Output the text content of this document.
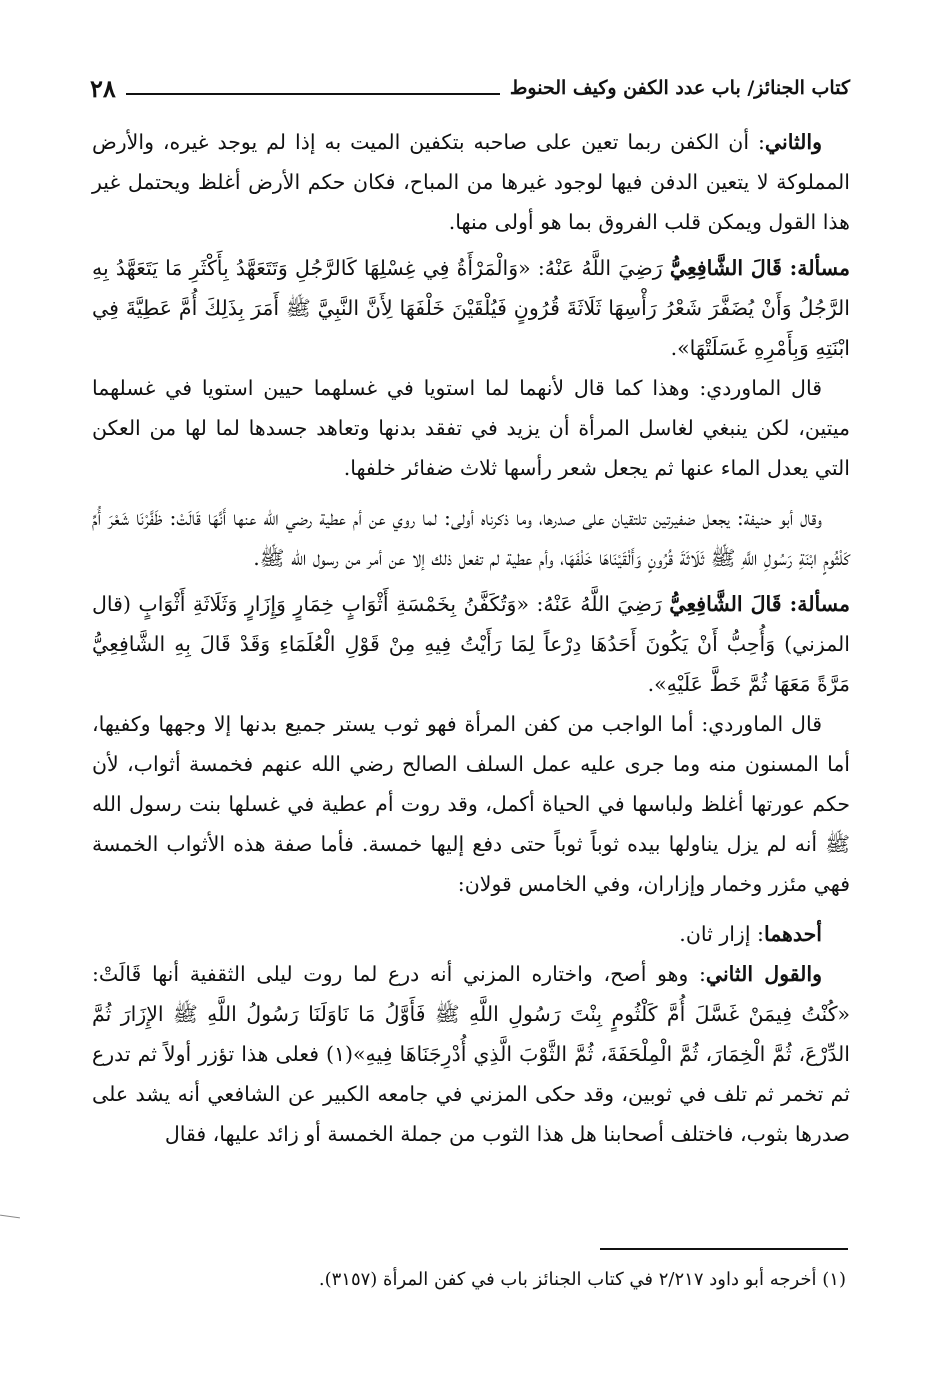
كتاب الجنائز/ باب عدد الكفن وكيف الحنوط
٢٨

والثاني: أن الكفن ربما تعين على صاحبه بتكفين الميت به إذا لم يوجد غيره، والأرض المملوكة لا يتعين الدفن فيها لوجود غيرها من المباح، فكان حكم الأرض أغلظ ويحتمل غير هذا القول ويمكن قلب الفروق بما هو أولى منها.

مسألة: قَالَ الشَّافِعِيُّ رَضِيَ اللَّهُ عَنْهُ: «وَالْمَرْأَةُ فِي غِسْلِهَا كَالرَّجُلِ وَتَتَعَهَّدُ بِأَكْثَرِ مَا يَتَعَهَّدُ بِهِ الرَّجُلُ وَأَنْ يُضَفَّرَ شَعْرُ رَأْسِهَا ثَلَاثَةَ قُرُونٍ فَيُلْقَيْنَ خَلْفَهَا لِأَنَّ النَّبِيَّ ﷺ أَمَرَ بِذَلِكَ أُمَّ عَطِيَّةَ فِي ابْنَتِهِ وَبِأَمْرِهِ غَسَلَتْهَا».

قال الماوردي: وهذا كما قال لأنهما لما استويا في غسلهما حيين استويا في غسلهما ميتين، لكن ينبغي لغاسل المرأة أن يزيد في تفقد بدنها وتعاهد جسدها لما لها من العكن التي يعدل الماء عنها ثم يجعل شعر رأسها ثلاث ضفائر خلفها.

وقال أبو حنيفة: يجعل ضفيرتين تلتقيان على صدرها، وما ذكرناه أولى: لما روي عن أم عطية رضي الله عنها أَنَّهَا قَالَتْ: ظَفَّرْنَا شَعْرَ أُمِّ كَلْثُومٍ ابْنَةِ رَسُولِ اللَّهِ ﷺ ثَلَاثَةَ قُرُونٍ وَأَلْقَيْنَاهَا خَلْفَهَا، وأم عطية لم تفعل ذلك إلا عن أمر من رسول الله ﷺ.

مسألة: قَالَ الشَّافِعِيُّ رَضِيَ اللَّهُ عَنْهُ: «وَتُكَفَّنُ بِخَمْسَةِ أَثْوَابٍ خِمَارٍ وَإِزَارٍ وَثَلَاثَةِ أَثْوَابٍ (قال المزني) وَأُحِبُّ أَنْ يَكُونَ أَحَدُهَا دِرْعاً لِمَا رَأَيْتُ فِيهِ مِنْ قَوْلِ الْعُلَمَاءِ وَقَدْ قَالَ بِهِ الشَّافِعِيُّ مَرَّةً مَعَهَا ثُمَّ خَطَّ عَلَيْهِ».

قال الماوردي: أما الواجب من كفن المرأة فهو ثوب يستر جميع بدنها إلا وجهها وكفيها، أما المسنون منه وما جرى عليه عمل السلف الصالح رضي الله عنهم فخمسة أثواب، لأن حكم عورتها أغلظ ولباسها في الحياة أكمل، وقد روت أم عطية في غسلها بنت رسول الله ﷺ أنه لم يزل يناولها بيده ثوباً ثوباً حتى دفع إليها خمسة. فأما صفة هذه الأثواب الخمسة فهي مئزر وخمار وإزاران، وفي الخامس قولان:

أحدهما: إزار ثان.

والقول الثاني: وهو أصح، واختاره المزني أنه درع لما روت ليلى الثقفية أنها قَالَتْ: «كُنْتُ فِيمَنْ غَسَّلَ أُمَّ كَلْثُومٍ بِنْتَ رَسُولِ اللَّهِ ﷺ فَأَوَّلُ مَا نَاوَلَنَا رَسُولُ اللَّهِ ﷺ الإِزَارَ ثُمَّ الدِّرْعَ، ثُمَّ الْخِمَارَ، ثُمَّ الْمِلْحَفَةَ، ثُمَّ الثَّوْبَ الَّذِي أُدْرِجَنَاهَا فِيهِ»(١) فعلى هذا تؤزر أولاً ثم تدرع ثم تخمر ثم تلف في ثوبين، وقد حكى المزني في جامعه الكبير عن الشافعي أنه يشد على صدرها بثوب، فاختلف أصحابنا هل هذا الثوب من جملة الخمسة أو زائد عليها، فقال

(١) أخرجه أبو داود ٢/٢١٧ في كتاب الجنائز باب في كفن المرأة (٣١٥٧).
